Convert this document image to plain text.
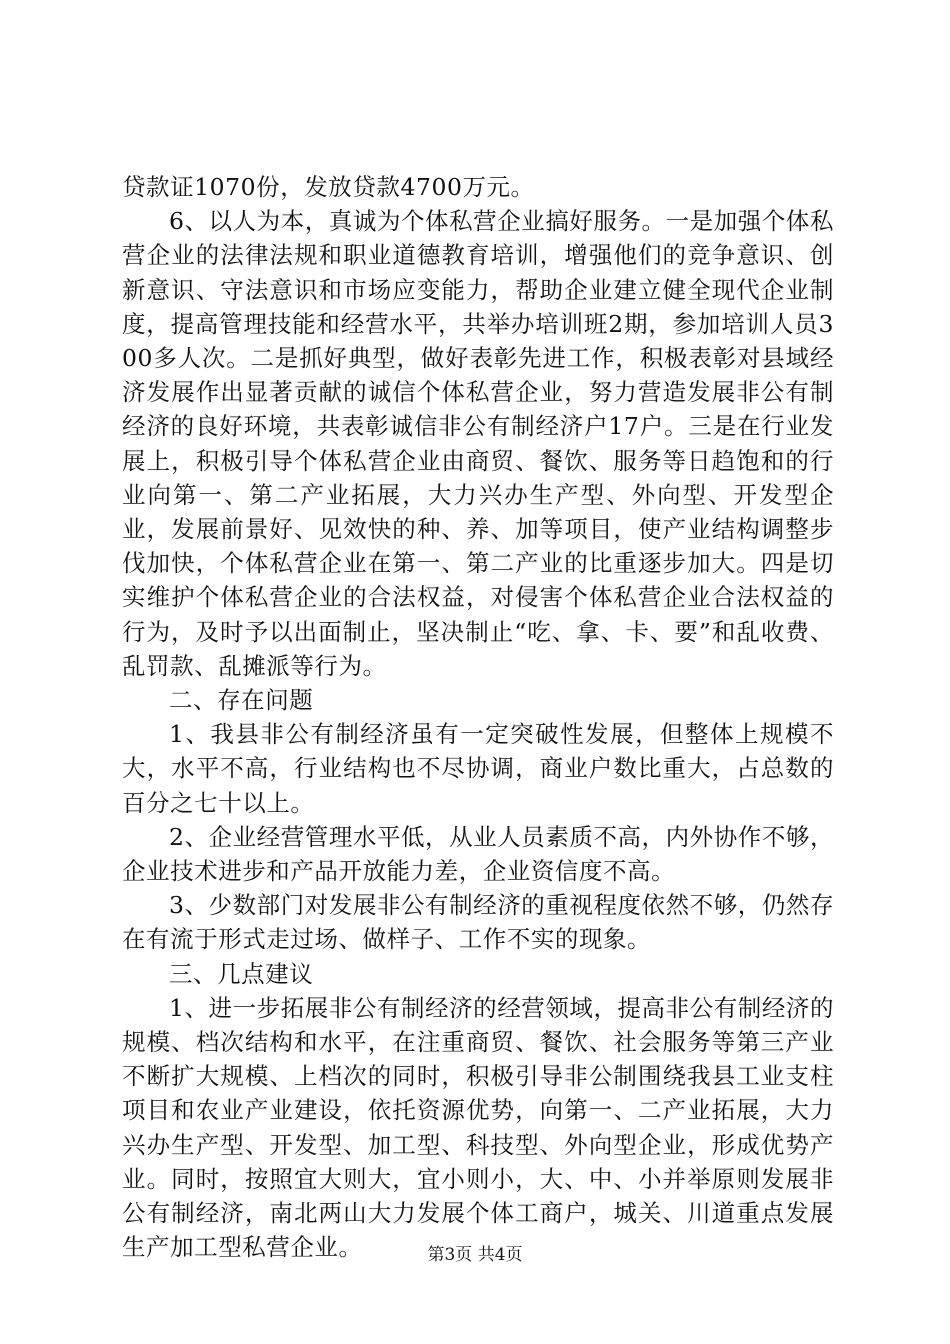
贷款证1070份，发放贷款4700万元。

6、以人为本，真诚为个体私营企业搞好服务。一是加强个体私营企业的法律法规和职业道德教育培训，增强他们的竞争意识、创新意识、守法意识和市场应变能力，帮助企业建立健全现代企业制度，提高管理技能和经营水平，共举办培训班2期，参加培训人员300多人次。二是抓好典型，做好表彰先进工作，积极表彰对县域经济发展作出显著贡献的诚信个体私营企业，努力营造发展非公有制经济的良好环境，共表彰诚信非公有制经济户17户。三是在行业发展上，积极引导个体私营企业由商贸、餐饮、服务等日趋饱和的行业向第一、第二产业拓展，大力兴办生产型、外向型、开发型企业，发展前景好、见效快的种、养、加等项目，使产业结构调整步伐加快，个体私营企业在第一、第二产业的比重逐步加大。四是切实维护个体私营企业的合法权益，对侵害个体私营企业合法权益的行为，及时予以出面制止，坚决制止“吃、拿、卡、要”和乱收费、乱罚款、乱摊派等行为。

二、存在问题

1、我县非公有制经济虽有一定突破性发展，但整体上规模不大，水平不高，行业结构也不尽协调，商业户数比重大，占总数的百分之七十以上。

2、企业经营管理水平低，从业人员素质不高，内外协作不够，企业技术进步和产品开放能力差，企业资信度不高。

3、少数部门对发展非公有制经济的重视程度依然不够，仍然存在有流于形式走过场、做样子、工作不实的现象。

三、几点建议

1、进一步拓展非公有制经济的经营领域，提高非公有制经济的规模、档次结构和水平，在注重商贸、餐饮、社会服务等第三产业不断扩大规模、上档次的同时，积极引导非公制围绕我县工业支柱项目和农业产业建设，依托资源优势，向第一、二产业拓展，大力兴办生产型、开发型、加工型、科技型、外向型企业，形成优势产业。同时，按照宜大则大，宜小则小，大、中、小并举原则发展非公有制经济，南北两山大力发展个体工商户，城关、川道重点发展生产加工型私营企业。	第3页 共4页
